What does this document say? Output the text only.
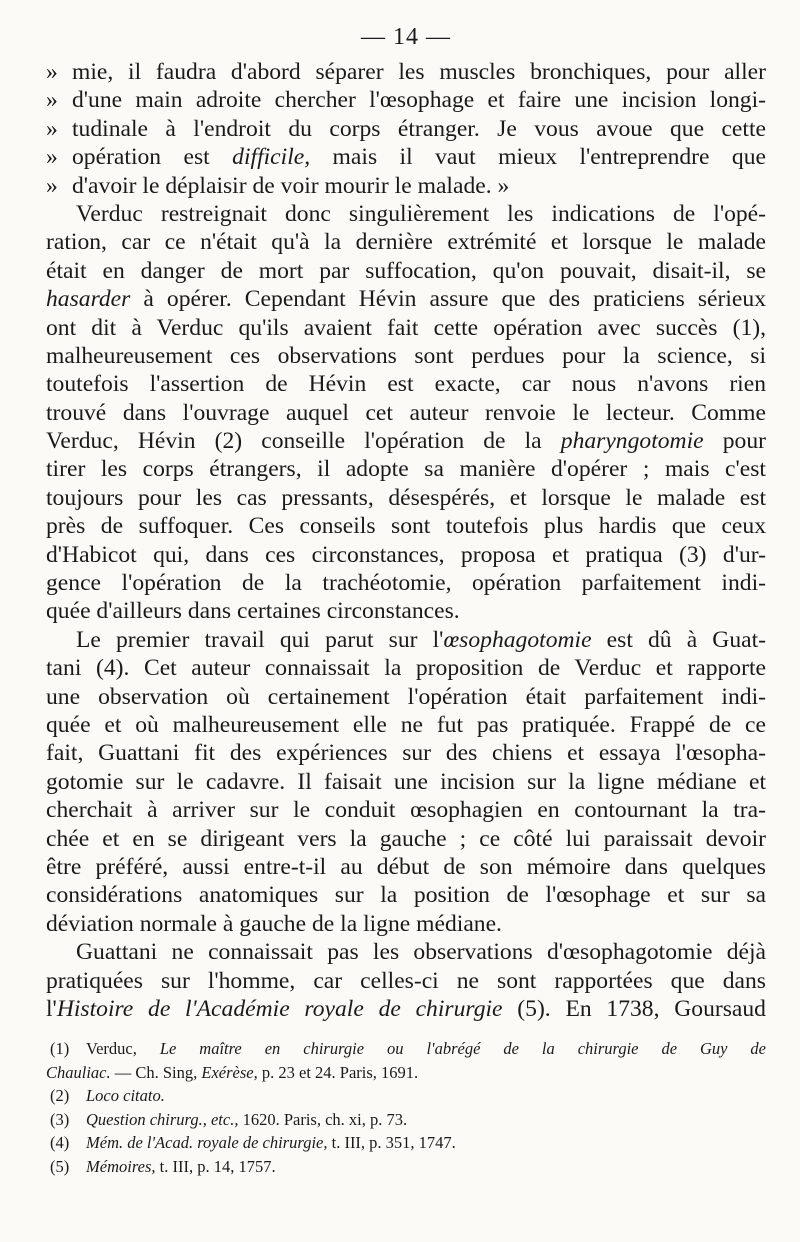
— 14 —
» mie, il faudra d'abord séparer les muscles bronchiques, pour aller
» d'une main adroite chercher l'œsophage et faire une incision longi-
» tudinale à l'endroit du corps étranger. Je vous avoue que cette
» opération est difficile, mais il vaut mieux l'entreprendre que
» d'avoir le déplaisir de voir mourir le malade. »
Verduc restreignait donc singulièrement les indications de l'opé-
ration, car ce n'était qu'à la dernière extrémité et lorsque le malade
était en danger de mort par suffocation, qu'on pouvait, disait-il, se
hasarder à opérer. Cependant Hévin assure que des praticiens sérieux
ont dit à Verduc qu'ils avaient fait cette opération avec succès (1),
malheureusement ces observations sont perdues pour la science, si
toutefois l'assertion de Hévin est exacte, car nous n'avons rien
trouvé dans l'ouvrage auquel cet auteur renvoie le lecteur. Comme
Verduc, Hévin (2) conseille l'opération de la pharyngotomie pour
tirer les corps étrangers, il adopte sa manière d'opérer ; mais c'est
toujours pour les cas pressants, désespérés, et lorsque le malade est
près de suffoquer. Ces conseils sont toutefois plus hardis que ceux
d'Habicot qui, dans ces circonstances, proposa et pratiqua (3) d'ur-
gence l'opération de la trachéotomie, opération parfaitement indi-
quée d'ailleurs dans certaines circonstances.
Le premier travail qui parut sur l'œsophagotomie est dû à Guat-
tani (4). Cet auteur connaissait la proposition de Verduc et rapporte
une observation où certainement l'opération était parfaitement indi-
quée et où malheureusement elle ne fut pas pratiquée. Frappé de ce
fait, Guattani fit des expériences sur des chiens et essaya l'œsopha-
gotomie sur le cadavre. Il faisait une incision sur la ligne médiane et
cherchait à arriver sur le conduit œsophagien en contournant la tra-
chée et en se dirigeant vers la gauche ; ce côté lui paraissait devoir
être préféré, aussi entre-t-il au début de son mémoire dans quelques
considérations anatomiques sur la position de l'œsophage et sur sa
déviation normale à gauche de la ligne médiane.
Guattani ne connaissait pas les observations d'œsophagotomie déjà
pratiquées sur l'homme, car celles-ci ne sont rapportées que dans
l'Histoire de l'Académie royale de chirurgie (5). En 1738, Goursaud
(1) Verduc, Le maître en chirurgie ou l'abrégé de la chirurgie de Guy de
Chauliac. — Ch. Sing, Exérèse, p. 23 et 24. Paris, 1691.
(2) Loco citato.
(3) Question chirurg., etc., 1620. Paris, ch. xi, p. 73.
(4) Mém. de l'Acad. royale de chirurgie, t. III, p. 351, 1747.
(5) Mémoires, t. III, p. 14, 1757.
